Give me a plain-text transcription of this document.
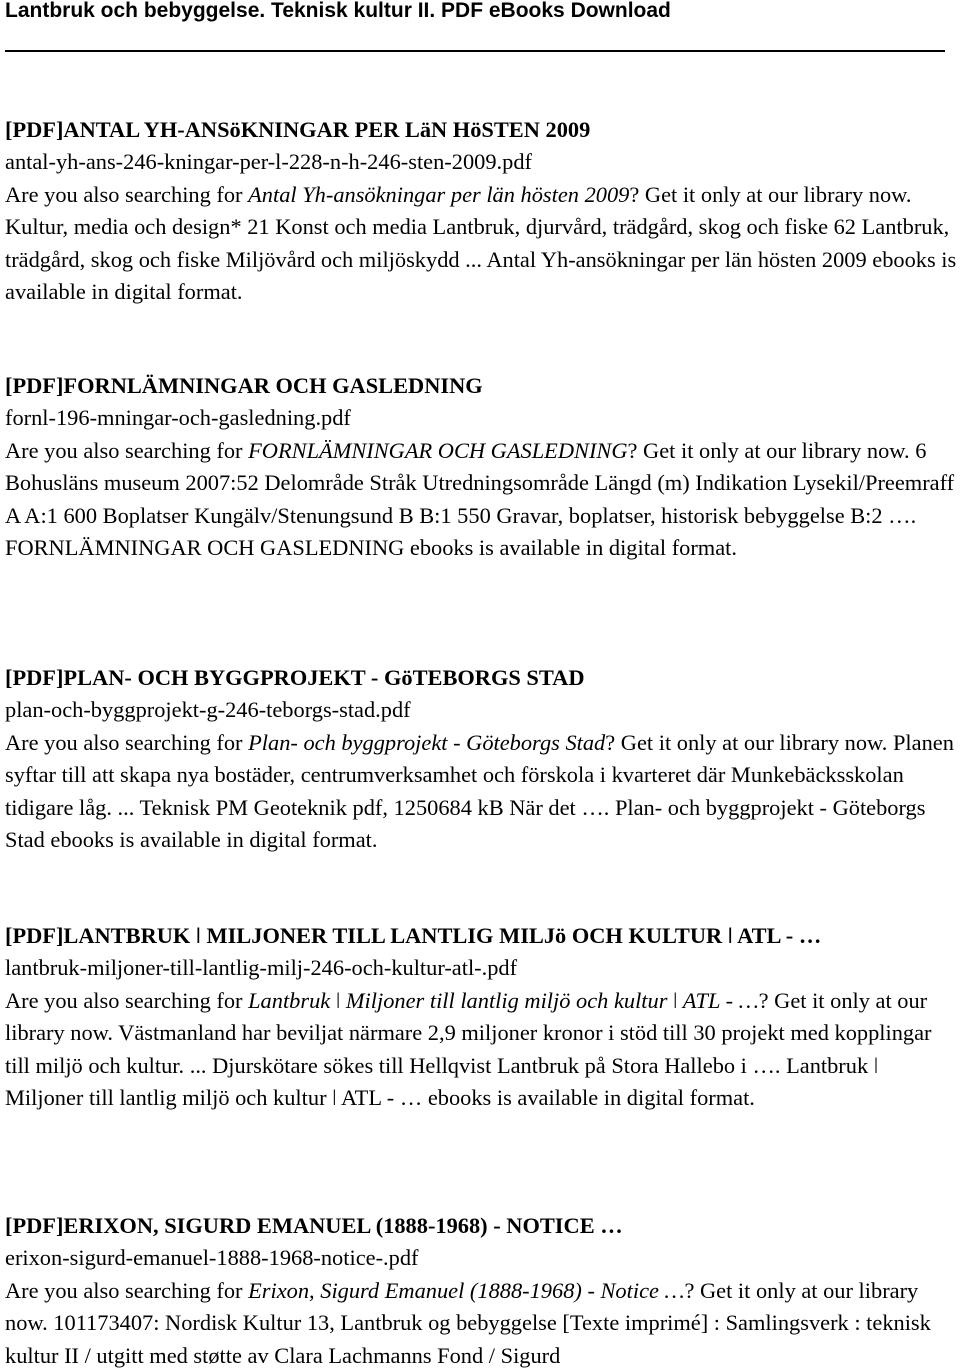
Lantbruk och bebyggelse. Teknisk kultur II. PDF eBooks Download
[PDF]ANTAL YH-ANSöKNINGAR PER LäN HöSTEN 2009
antal-yh-ans-246-kningar-per-l-228-n-h-246-sten-2009.pdf

Are you also searching for Antal Yh-ansökningar per län hösten 2009? Get it only at our library now. Kultur, media och design* 21 Konst och media Lantbruk, djurvård, trädgård, skog och fiske 62 Lantbruk, trädgård, skog och fiske Miljövård och miljöskydd ... Antal Yh-ansökningar per län hösten 2009 ebooks is available in digital format.

[PDF]FORNLÄMNINGAR OCH GASLEDNING
fornl-196-mningar-och-gasledning.pdf

Are you also searching for FORNLÄMNINGAR OCH GASLEDNING? Get it only at our library now. 6 Bohusläns museum 2007:52 Delområde Stråk Utredningsområde Längd (m) Indikation Lysekil/Preemraff A A:1 600 Boplatser Kungälv/Stenungsund B B:1 550 Gravar, boplatser, historisk bebyggelse B:2 …. FORNLÄMNINGAR OCH GASLEDNING ebooks is available in digital format.

[PDF]PLAN- OCH BYGGPROJEKT - GöTEBORGS STAD
plan-och-byggprojekt-g-246-teborgs-stad.pdf

Are you also searching for Plan- och byggprojekt - Göteborgs Stad? Get it only at our library now. Planen syftar till att skapa nya bostäder, centrumverksamhet och förskola i kvarteret där Munkebäcksskolan tidigare låg. ... Teknisk PM Geoteknik pdf, 1250684 kB När det …. Plan- och byggprojekt - Göteborgs Stad ebooks is available in digital format.

[PDF]LANTBRUK ǀ MILJONER TILL LANTLIG MILJö OCH KULTUR ǀ ATL - …
lantbruk-miljoner-till-lantlig-milj-246-och-kultur-atl-.pdf

Are you also searching for Lantbruk ǀ Miljoner till lantlig miljö och kultur ǀ ATL - …? Get it only at our library now. Västmanland har beviljat närmare 2,9 miljoner kronor i stöd till 30 projekt med kopplingar till miljö och kultur. ... Djurskötare sökes till Hellqvist Lantbruk på Stora Hallebo i …. Lantbruk ǀ Miljoner till lantlig miljö och kultur ǀ ATL - … ebooks is available in digital format.

[PDF]ERIXON, SIGURD EMANUEL (1888-1968) - NOTICE …
erixon-sigurd-emanuel-1888-1968-notice-.pdf

Are you also searching for Erixon, Sigurd Emanuel (1888-1968) - Notice …? Get it only at our library now. 101173407: Nordisk Kultur 13, Lantbruk og bebyggelse [Texte imprimé] : Samlingsverk : teknisk kultur II / utgitt med støtte av Clara Lachmanns Fond / Sigurd
